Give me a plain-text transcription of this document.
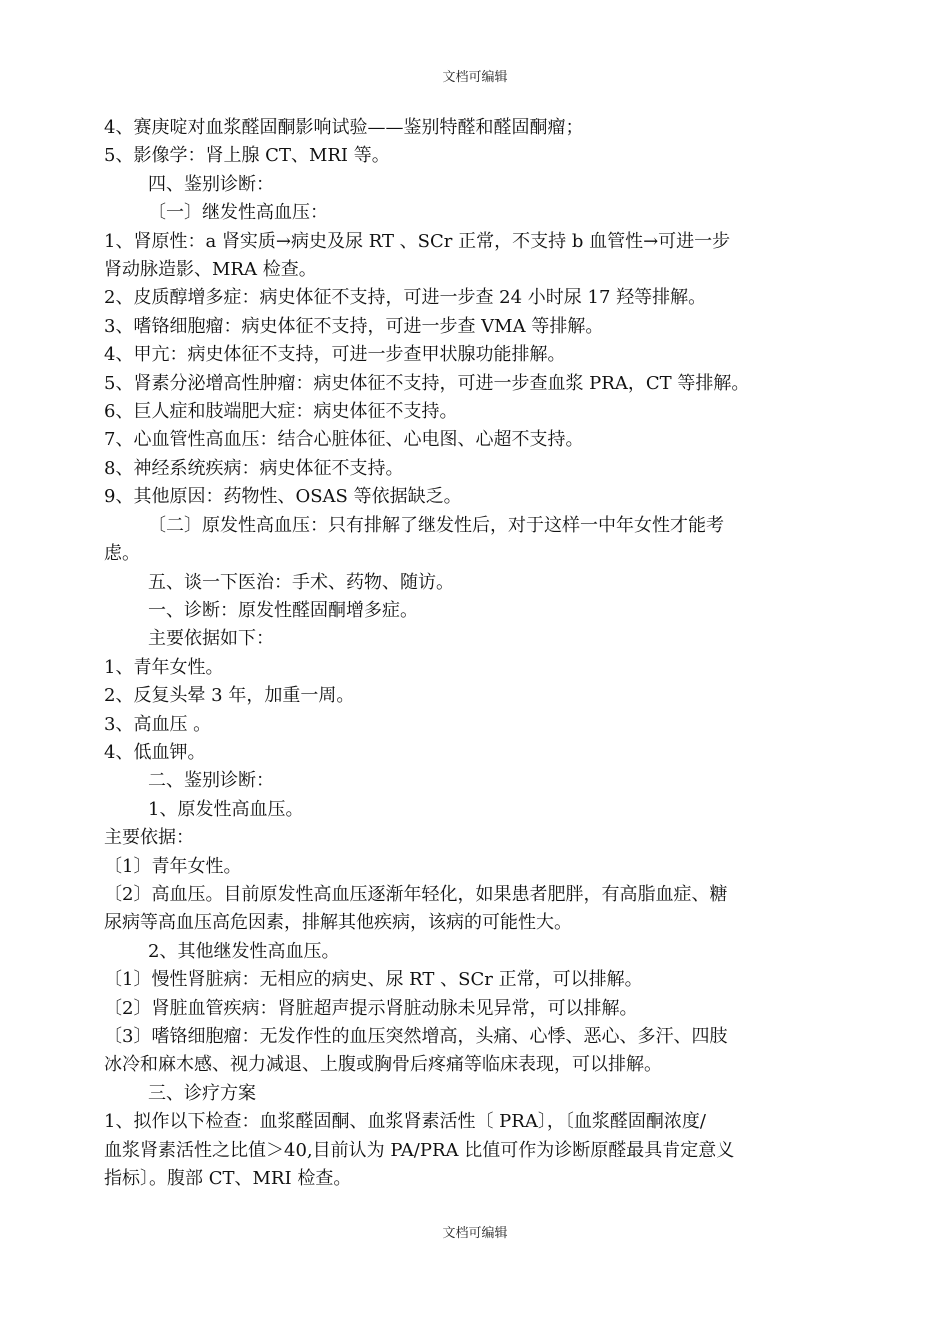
文档可编辑
4、赛庚啶对血浆醛固酮影响试验——鉴别特醛和醛固酮瘤；
5、影像学：肾上腺 CT、MRI 等。
四、鉴别诊断：
〔一〕继发性高血压：
1、肾原性：a 肾实质→病史及尿 RT 、SCr 正常，不支持 b 血管性→可进一步
肾动脉造影、MRA 检查。
2、皮质醇增多症：病史体征不支持，可进一步查 24 小时尿 17 羟等排解。
3、嗜铬细胞瘤：病史体征不支持，可进一步查 VMA 等排解。
4、甲亢：病史体征不支持，可进一步查甲状腺功能排解。
5、肾素分泌增高性肿瘤：病史体征不支持，可进一步查血浆 PRA，CT 等排解。
6、巨人症和肢端肥大症：病史体征不支持。
7、心血管性高血压：结合心脏体征、心电图、心超不支持。
8、神经系统疾病：病史体征不支持。
9、其他原因：药物性、OSAS 等依据缺乏。
〔二〕原发性高血压：只有排解了继发性后，对于这样一中年女性才能考
虑。
五、谈一下医治：手术、药物、随访。
一、诊断：原发性醛固酮增多症。
主要依据如下：
1、青年女性。
2、反复头晕 3 年，加重一周。
3、高血压 。
4、低血钾。
二、鉴别诊断：
1、原发性高血压。
主要依据：
〔1〕青年女性。
〔2〕高血压。目前原发性高血压逐渐年轻化，如果患者肥胖，有高脂血症、糖
尿病等高血压高危因素，排解其他疾病，该病的可能性大。
2、其他继发性高血压。
〔1〕慢性肾脏病：无相应的病史、尿 RT 、SCr 正常，可以排解。
〔2〕肾脏血管疾病：肾脏超声提示肾脏动脉未见异常，可以排解。
〔3〕嗜铬细胞瘤：无发作性的血压突然增高，头痛、心悸、恶心、多汗、四肢
冰冷和麻木感、视力减退、上腹或胸骨后疼痛等临床表现，可以排解。
三、诊疗方案
1、拟作以下检查：血浆醛固酮、血浆肾素活性〔 PRA〕，〔血浆醛固酮浓度/
血浆肾素活性之比值＞40,目前认为 PA/PRA 比值可作为诊断原醛最具肯定意义
指标〕。腹部 CT、MRI 检查。
文档可编辑
